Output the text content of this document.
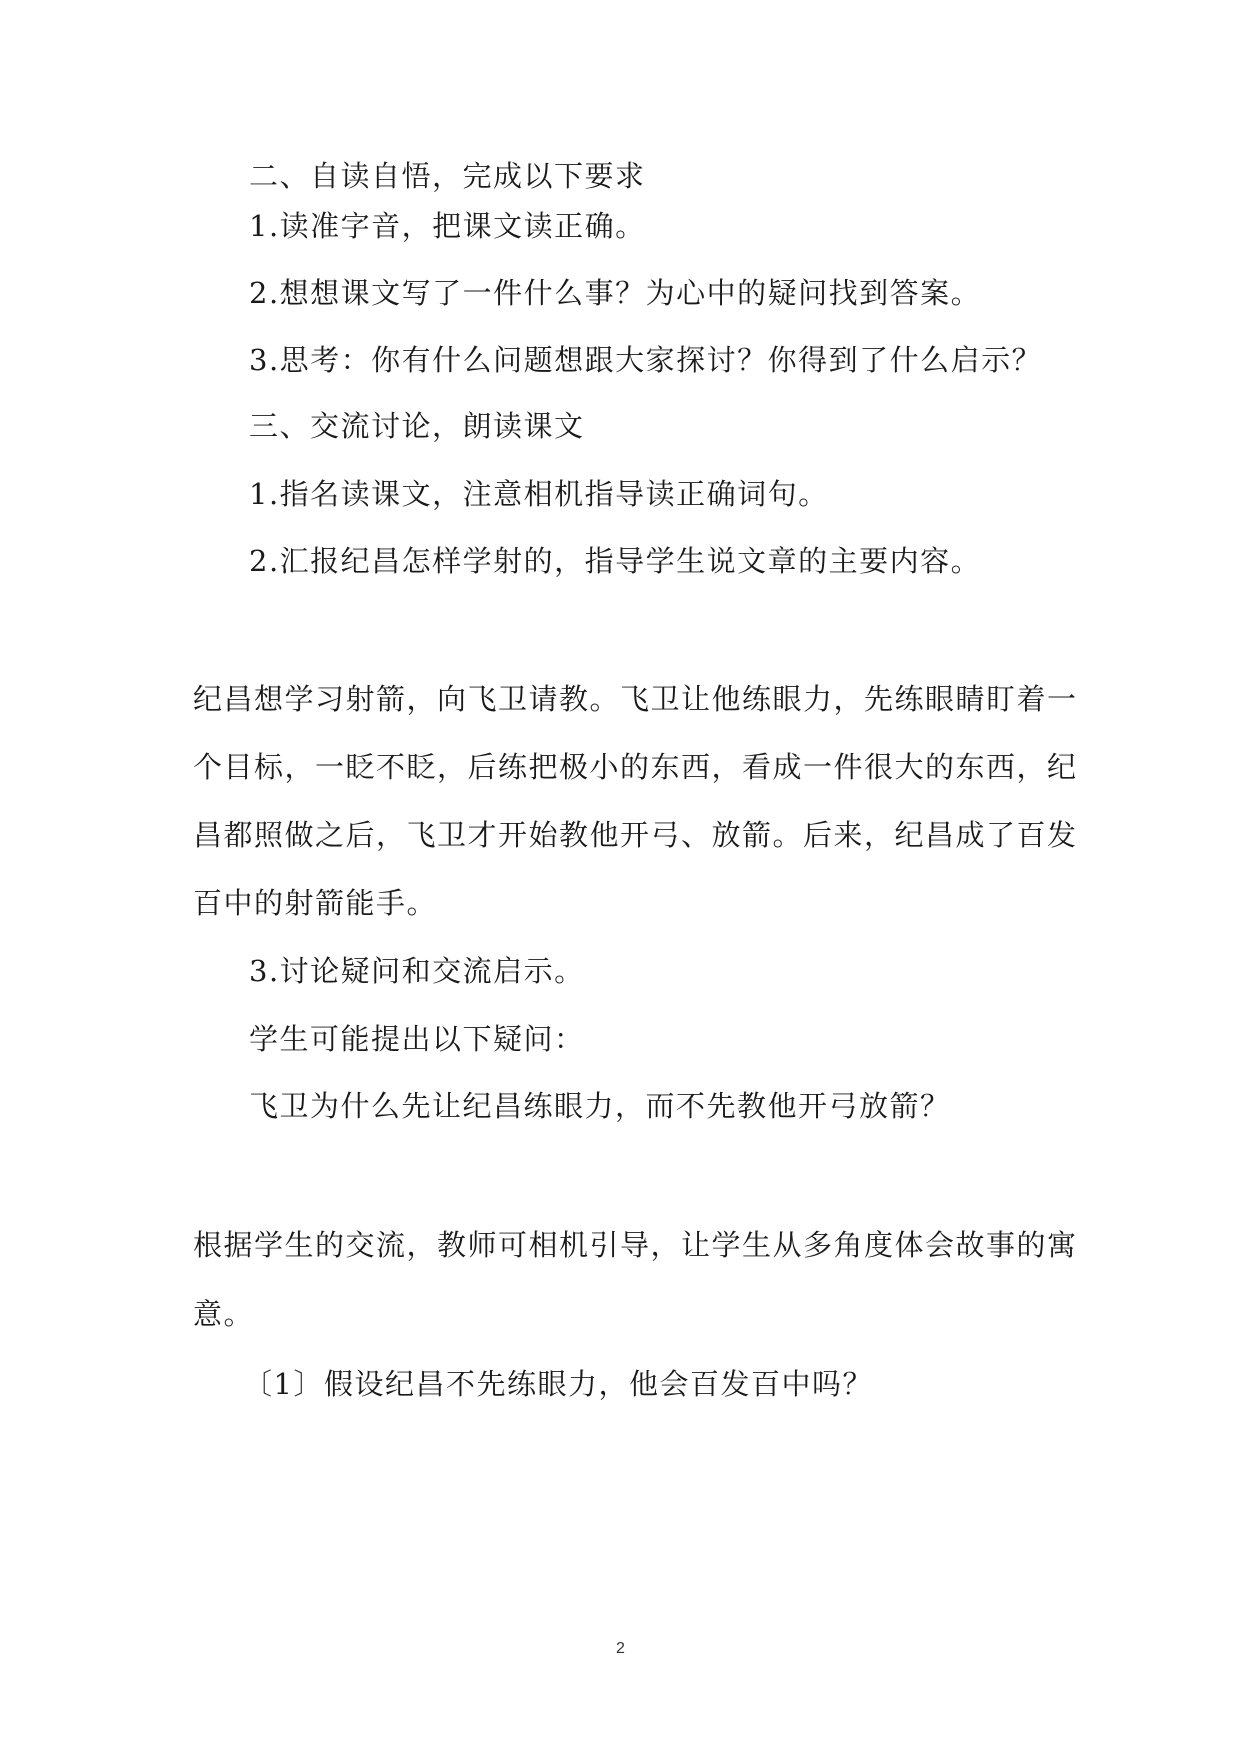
二、自读自悟，完成以下要求
1.读准字音，把课文读正确。
2.想想课文写了一件什么事？为心中的疑问找到答案。
3.思考：你有什么问题想跟大家探讨？你得到了什么启示？
三、交流讨论，朗读课文
1.指名读课文，注意相机指导读正确词句。
2.汇报纪昌怎样学射的，指导学生说文章的主要内容。
纪昌想学习射箭，向飞卫请教。飞卫让他练眼力，先练眼睛盯着一
个目标，一眨不眨，后练把极小的东西，看成一件很大的东西，纪
昌都照做之后，飞卫才开始教他开弓、放箭。后来，纪昌成了百发
百中的射箭能手。
3.讨论疑问和交流启示。
学生可能提出以下疑问：
飞卫为什么先让纪昌练眼力，而不先教他开弓放箭？
根据学生的交流，教师可相机引导，让学生从多角度体会故事的寓
意。
〔1〕假设纪昌不先练眼力，他会百发百中吗？
2
